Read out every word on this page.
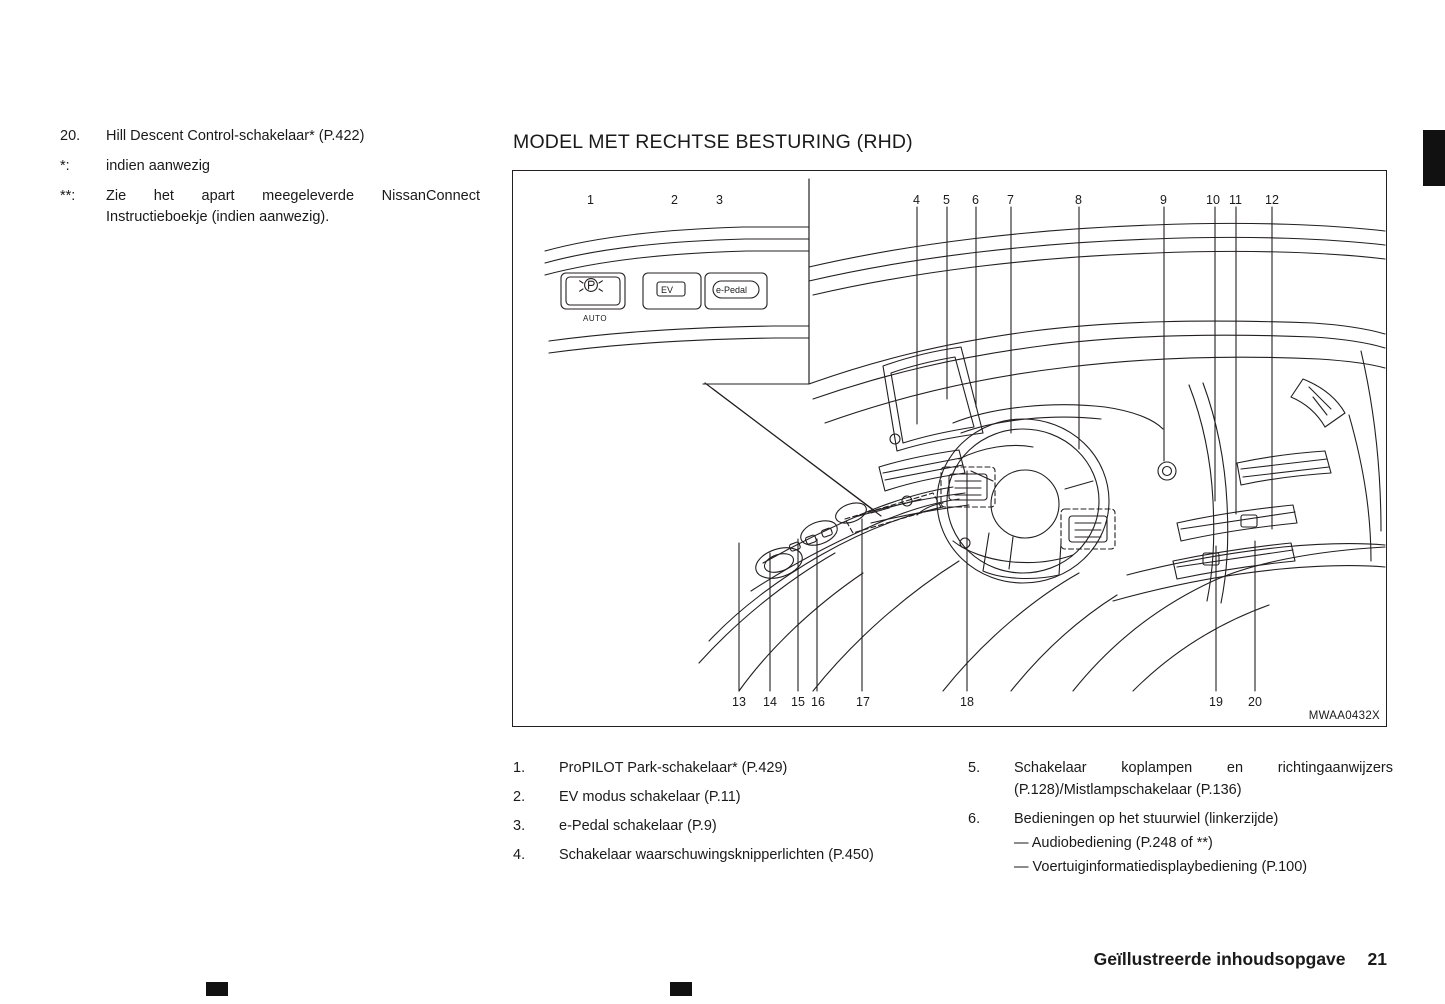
20.	Hill Descent Control-schakelaar* (P.422)
*:	indien aanwezig
**:	Zie het apart meegeleverde NissanConnect Instructieboekje (indien aanwezig).
MODEL MET RECHTSE BESTURING (RHD)
AUTO
EV	e-Pedal
1	2	3	4 5 6 7	8	9	10 11 12
13 14 15 16 17	18	19 20
MWAA0432X
1.	ProPILOT Park-schakelaar* (P.429)
2.	EV modus schakelaar (P.11)
3.	e-Pedal schakelaar (P.9)
4.	Schakelaar waarschuwingsknipperlichten (P.450)
5.	Schakelaar koplampen en richtingaanwijzers (P.128)/Mistlampschakelaar (P.136)
6.	Bedieningen op het stuurwiel (linkerzijde)
— Audiobediening (P.248 of **)
— Voertuiginformatiedisplaybediening (P.100)
Geïllustreerde inhoudsopgave 21
